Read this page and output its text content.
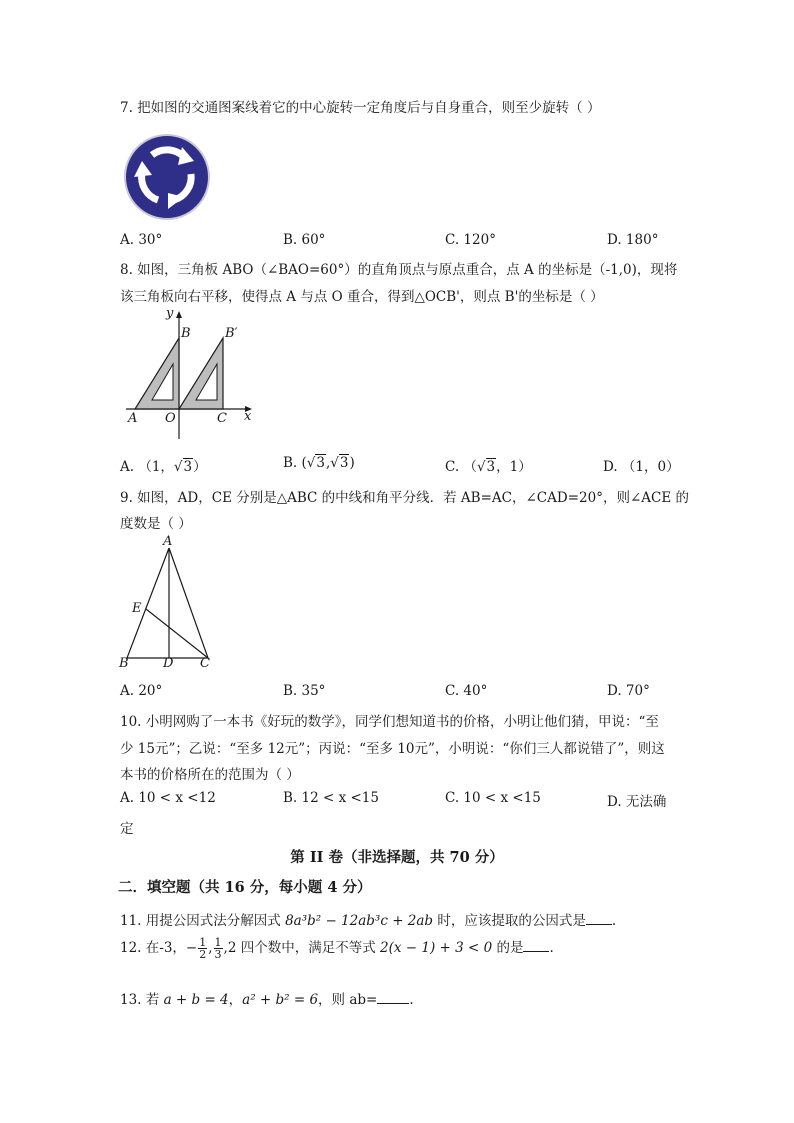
7. 把如图的交通图案线着它的中心旋转一定角度后与自身重合，则至少旋转（ ）
A. 30°	B. 60°	C. 120°	D. 180°
8. 如图，三角板 ABO（∠BAO=60°）的直角顶点与原点重合，点 A 的坐标是（-1,0)，现将
该三角板向右平移，使得点 A 与点 O 重合，得到△OCB'，则点 B'的坐标是（ ）
y
B	B′
A O	C x
A. （1，√3）	B. (√3,√3)	C. （√3，1）	D. （1，0）
9. 如图，AD，CE 分别是△ABC 的中线和角平分线．若 AB=AC，∠CAD=20°，则∠ACE 的
度数是（ ）
A
E
B	D C
A. 20°	B. 35°	C. 40°	D. 70°
10. 小明网购了一本书《好玩的数学》，同学们想知道书的价格，小明让他们猜，甲说：“至
少 15元”；乙说：“至多 12元”；丙说：“至多 10元”，小明说：“你们三人都说错了”，则这
本书的价格所在的范围为（ ）
A. 10 < x <12	B. 12 < x <15	C. 10 < x <15	D. 无法确
定
第 II 卷（非选择题，共 70 分）
二．填空题（共 16 分，每小题 4 分）
11. 用提公因式法分解因式 8a³b² − 12ab³c + 2ab 时，应该提取的公因式是 .
12. 在-3，− $\frac{1}{2}$ , $\frac{1}{3} ,2$ 四个数中，满足不等式 2(x − 1) + 3 < 0 的是 .
13. 若 a + b = 4，a² + b² = 6，则 ab= .
